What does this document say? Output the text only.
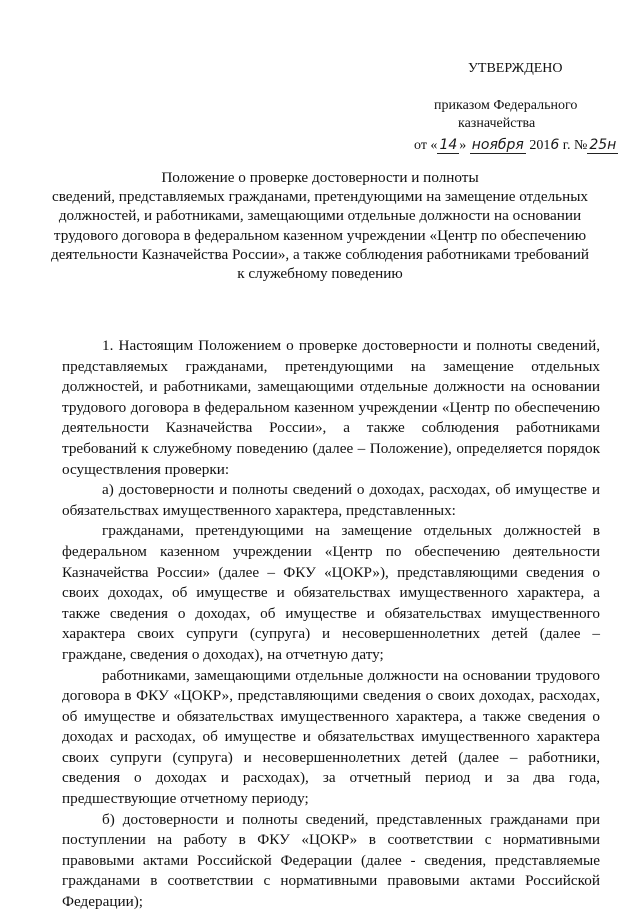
УТВЕРЖДЕНО
приказом Федерального
казначейства
от « 14 » ноября 2016 г. № 25н
Положение о проверке достоверности и полноты
сведений, представляемых гражданами, претендующими на замещение отдельных
должностей, и работниками, замещающими отдельные должности на основании
трудового договора в федеральном казенном учреждении «Центр по обеспечению
деятельности Казначейства России», а также соблюдения работниками требований
к служебному поведению

1. Настоящим Положением о проверке достоверности и полноты сведений, представляемых гражданами, претендующими на замещение отдельных должностей, и работниками, замещающими отдельные должности на основании трудового договора в федеральном казенном учреждении «Центр по обеспечению деятельности Казначейства России», а также соблюдения работниками требований к служебному поведению (далее – Положение), определяется порядок осуществления проверки:

а) достоверности и полноты сведений о доходах, расходах, об имуществе и обязательствах имущественного характера, представленных:

гражданами, претендующими на замещение отдельных должностей в федеральном казенном учреждении «Центр по обеспечению деятельности Казначейства России» (далее – ФКУ «ЦОКР»), представляющими сведения о своих доходах, об имуществе и обязательствах имущественного характера, а также сведения о доходах, об имуществе и обязательствах имущественного характера своих супруги (супруга) и несовершеннолетних детей (далее – граждане, сведения о доходах), на отчетную дату;

работниками, замещающими отдельные должности на основании трудового договора в ФКУ «ЦОКР», представляющими сведения о своих доходах, расходах, об имуществе и обязательствах имущественного характера, а также сведения о доходах и расходах, об имуществе и обязательствах имущественного характера своих супруги (супруга) и несовершеннолетних детей (далее – работники, сведения о доходах и расходах), за отчетный период и за два года, предшествующие отчетному периоду;

б) достоверности и полноты сведений, представленных гражданами при поступлении на работу в ФКУ «ЦОКР» в соответствии с нормативными правовыми актами Российской Федерации (далее - сведения, представляемые гражданами в соответствии с нормативными правовыми актами Российской Федерации);
